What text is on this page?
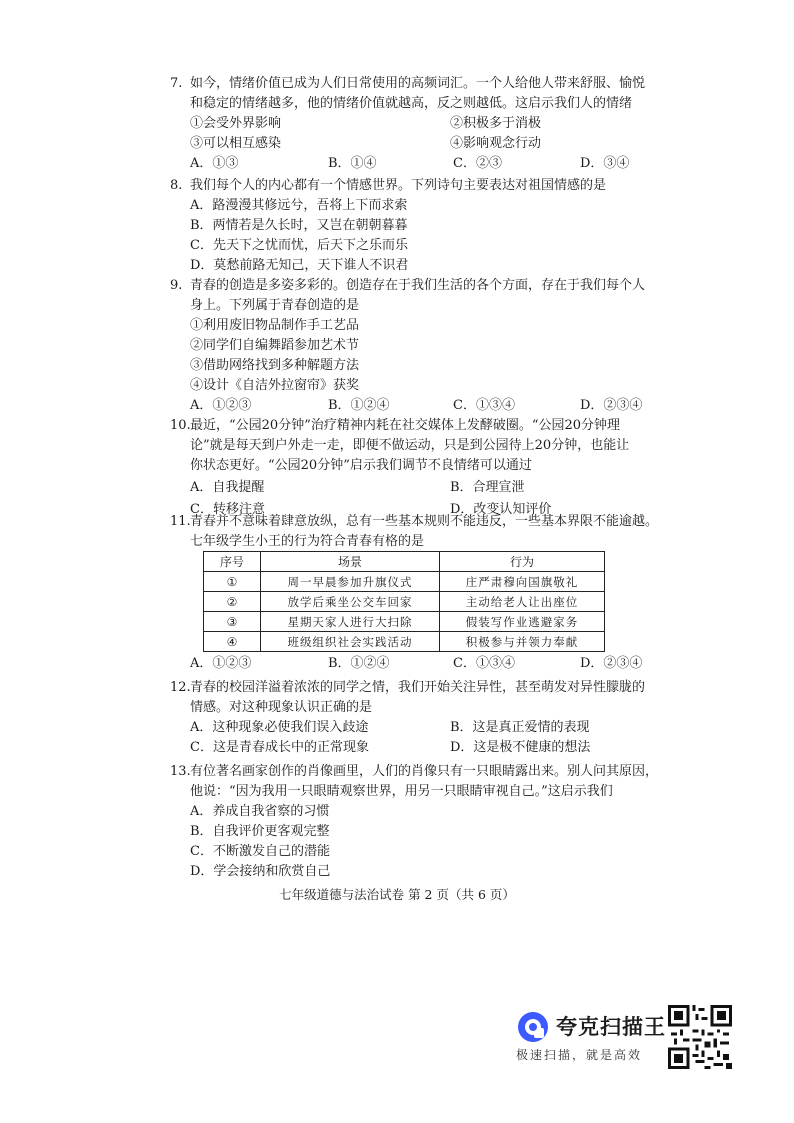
7. 如今，情绪价值已成为人们日常使用的高频词汇。一个人给他人带来舒服、愉悦
和稳定的情绪越多，他的情绪价值就越高，反之则越低。这启示我们人的情绪
①会受外界影响	②积极多于消极
③可以相互感染	④影响观念行动
A．①③	B．①④	C．②③	D．③④
8. 我们每个人的内心都有一个情感世界。下列诗句主要表达对祖国情感的是
A．路漫漫其修远兮，吾将上下而求索
B．两情若是久长时，又岂在朝朝暮暮
C．先天下之忧而忧，后天下之乐而乐
D．莫愁前路无知己，天下谁人不识君
9. 青春的创造是多姿多彩的。创造存在于我们生活的各个方面，存在于我们每个人
身上。下列属于青春创造的是
①利用废旧物品制作手工艺品
②同学们自编舞蹈参加艺术节
③借助网络找到多种解题方法
④设计《自洁外拉窗帘》获奖
A．①②③	B．①②④	C．①③④	D．②③④
10.最近，“公园20分钟”治疗精神内耗在社交媒体上发酵破圈。“公园20分钟理
论”就是每天到户外走一走，即便不做运动，只是到公园待上20分钟，也能让
你状态更好。“公园20分钟”启示我们调节不良情绪可以通过
A．自我提醒	B．合理宣泄
C．转移注意	D．改变认知评价
11.青春并不意味着肆意放纵，总有一些基本规则不能违反，一些基本界限不能逾越。
七年级学生小王的行为符合青春有格的是
序号	场景	行为
①	周一早晨参加升旗仪式	庄严肃穆向国旗敬礼
②	放学后乘坐公交车回家	主动给老人让出座位
③	星期天家人进行大扫除	假装写作业逃避家务
④	班级组织社会实践活动	积极参与并领力奉献
A．①②③	B．①②④	C．①③④	D．②③④
12.青春的校园洋溢着浓浓的同学之情，我们开始关注异性，甚至萌发对异性朦胧的
情感。对这种现象认识正确的是
A．这种现象必使我们误入歧途	B．这是真正爱情的表现
C．这是青春成长中的正常现象	D．这是极不健康的想法
13.有位著名画家创作的肖像画里，人们的肖像只有一只眼睛露出来。别人问其原因，
他说：“因为我用一只眼睛观察世界，用另一只眼睛审视自己。”这启示我们
A．养成自我省察的习惯
B．自我评价更客观完整
C．不断激发自己的潜能
D．学会接纳和欣赏自己
七年级道德与法治试卷 第 2 页（共 6 页）
夸克扫描王
极速扫描，就是高效
